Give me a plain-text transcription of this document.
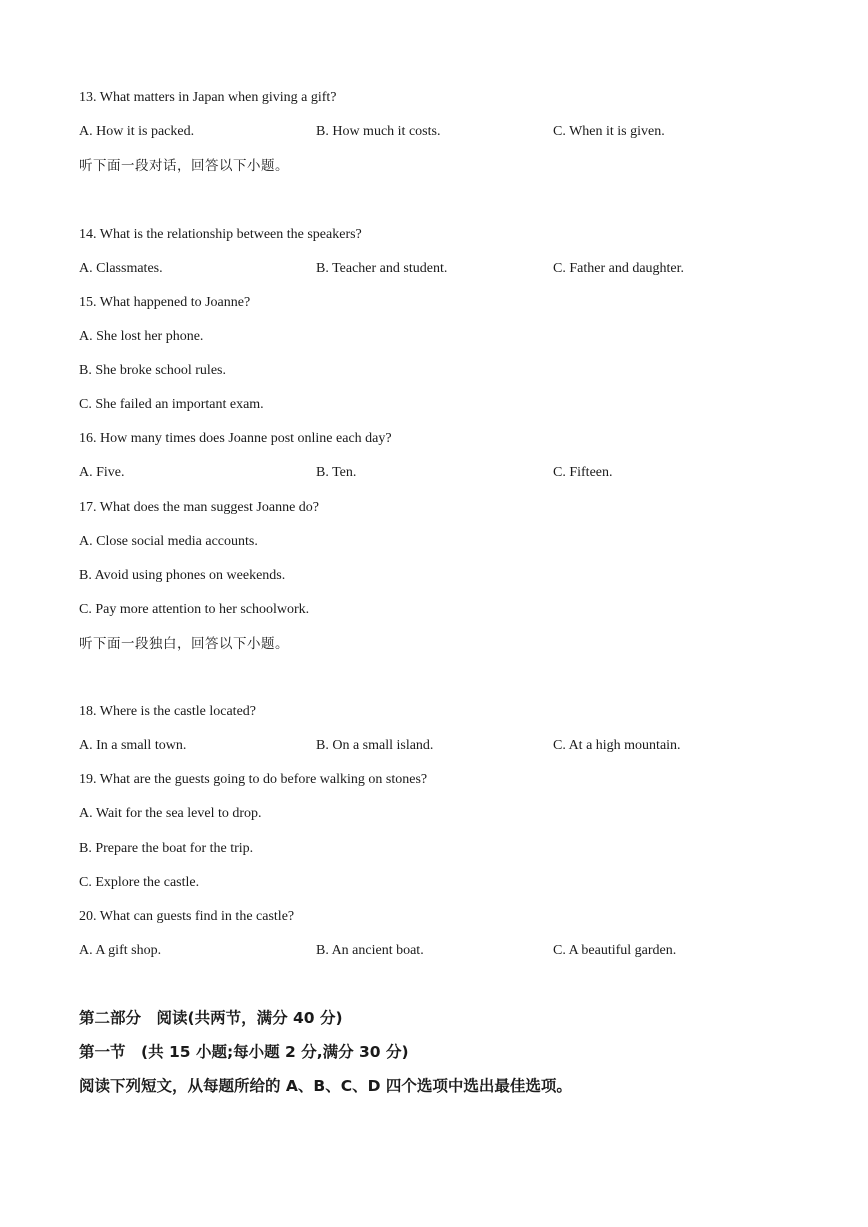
13. What matters in Japan when giving a gift?
A. How it is packed.	B. How much it costs.	C. When it is given.
听下面一段对话，回答以下小题。
14. What is the relationship between the speakers?
A. Classmates.	B. Teacher and student.	C. Father and daughter.
15. What happened to Joanne?
A. She lost her phone.
B. She broke school rules.
C. She failed an important exam.
16. How many times does Joanne post online each day?
A. Five.	B. Ten.	C. Fifteen.
17. What does the man suggest Joanne do?
A. Close social media accounts.
B. Avoid using phones on weekends.
C. Pay more attention to her schoolwork.
听下面一段独白，回答以下小题。
18. Where is the castle located?
A. In a small town.	B. On a small island.	C. At a high mountain.
19. What are the guests going to do before walking on stones?
A. Wait for the sea level to drop.
B. Prepare the boat for the trip.
C. Explore the castle.
20. What can guests find in the castle?
A. A gift shop.	B. An ancient boat.	C. A beautiful garden.
第二部分　阅读(共两节，满分 40 分)
第一节　(共 15 小题;每小题 2 分,满分 30 分)
阅读下列短文，从每题所给的 A、B、C、D 四个选项中选出最佳选项。
